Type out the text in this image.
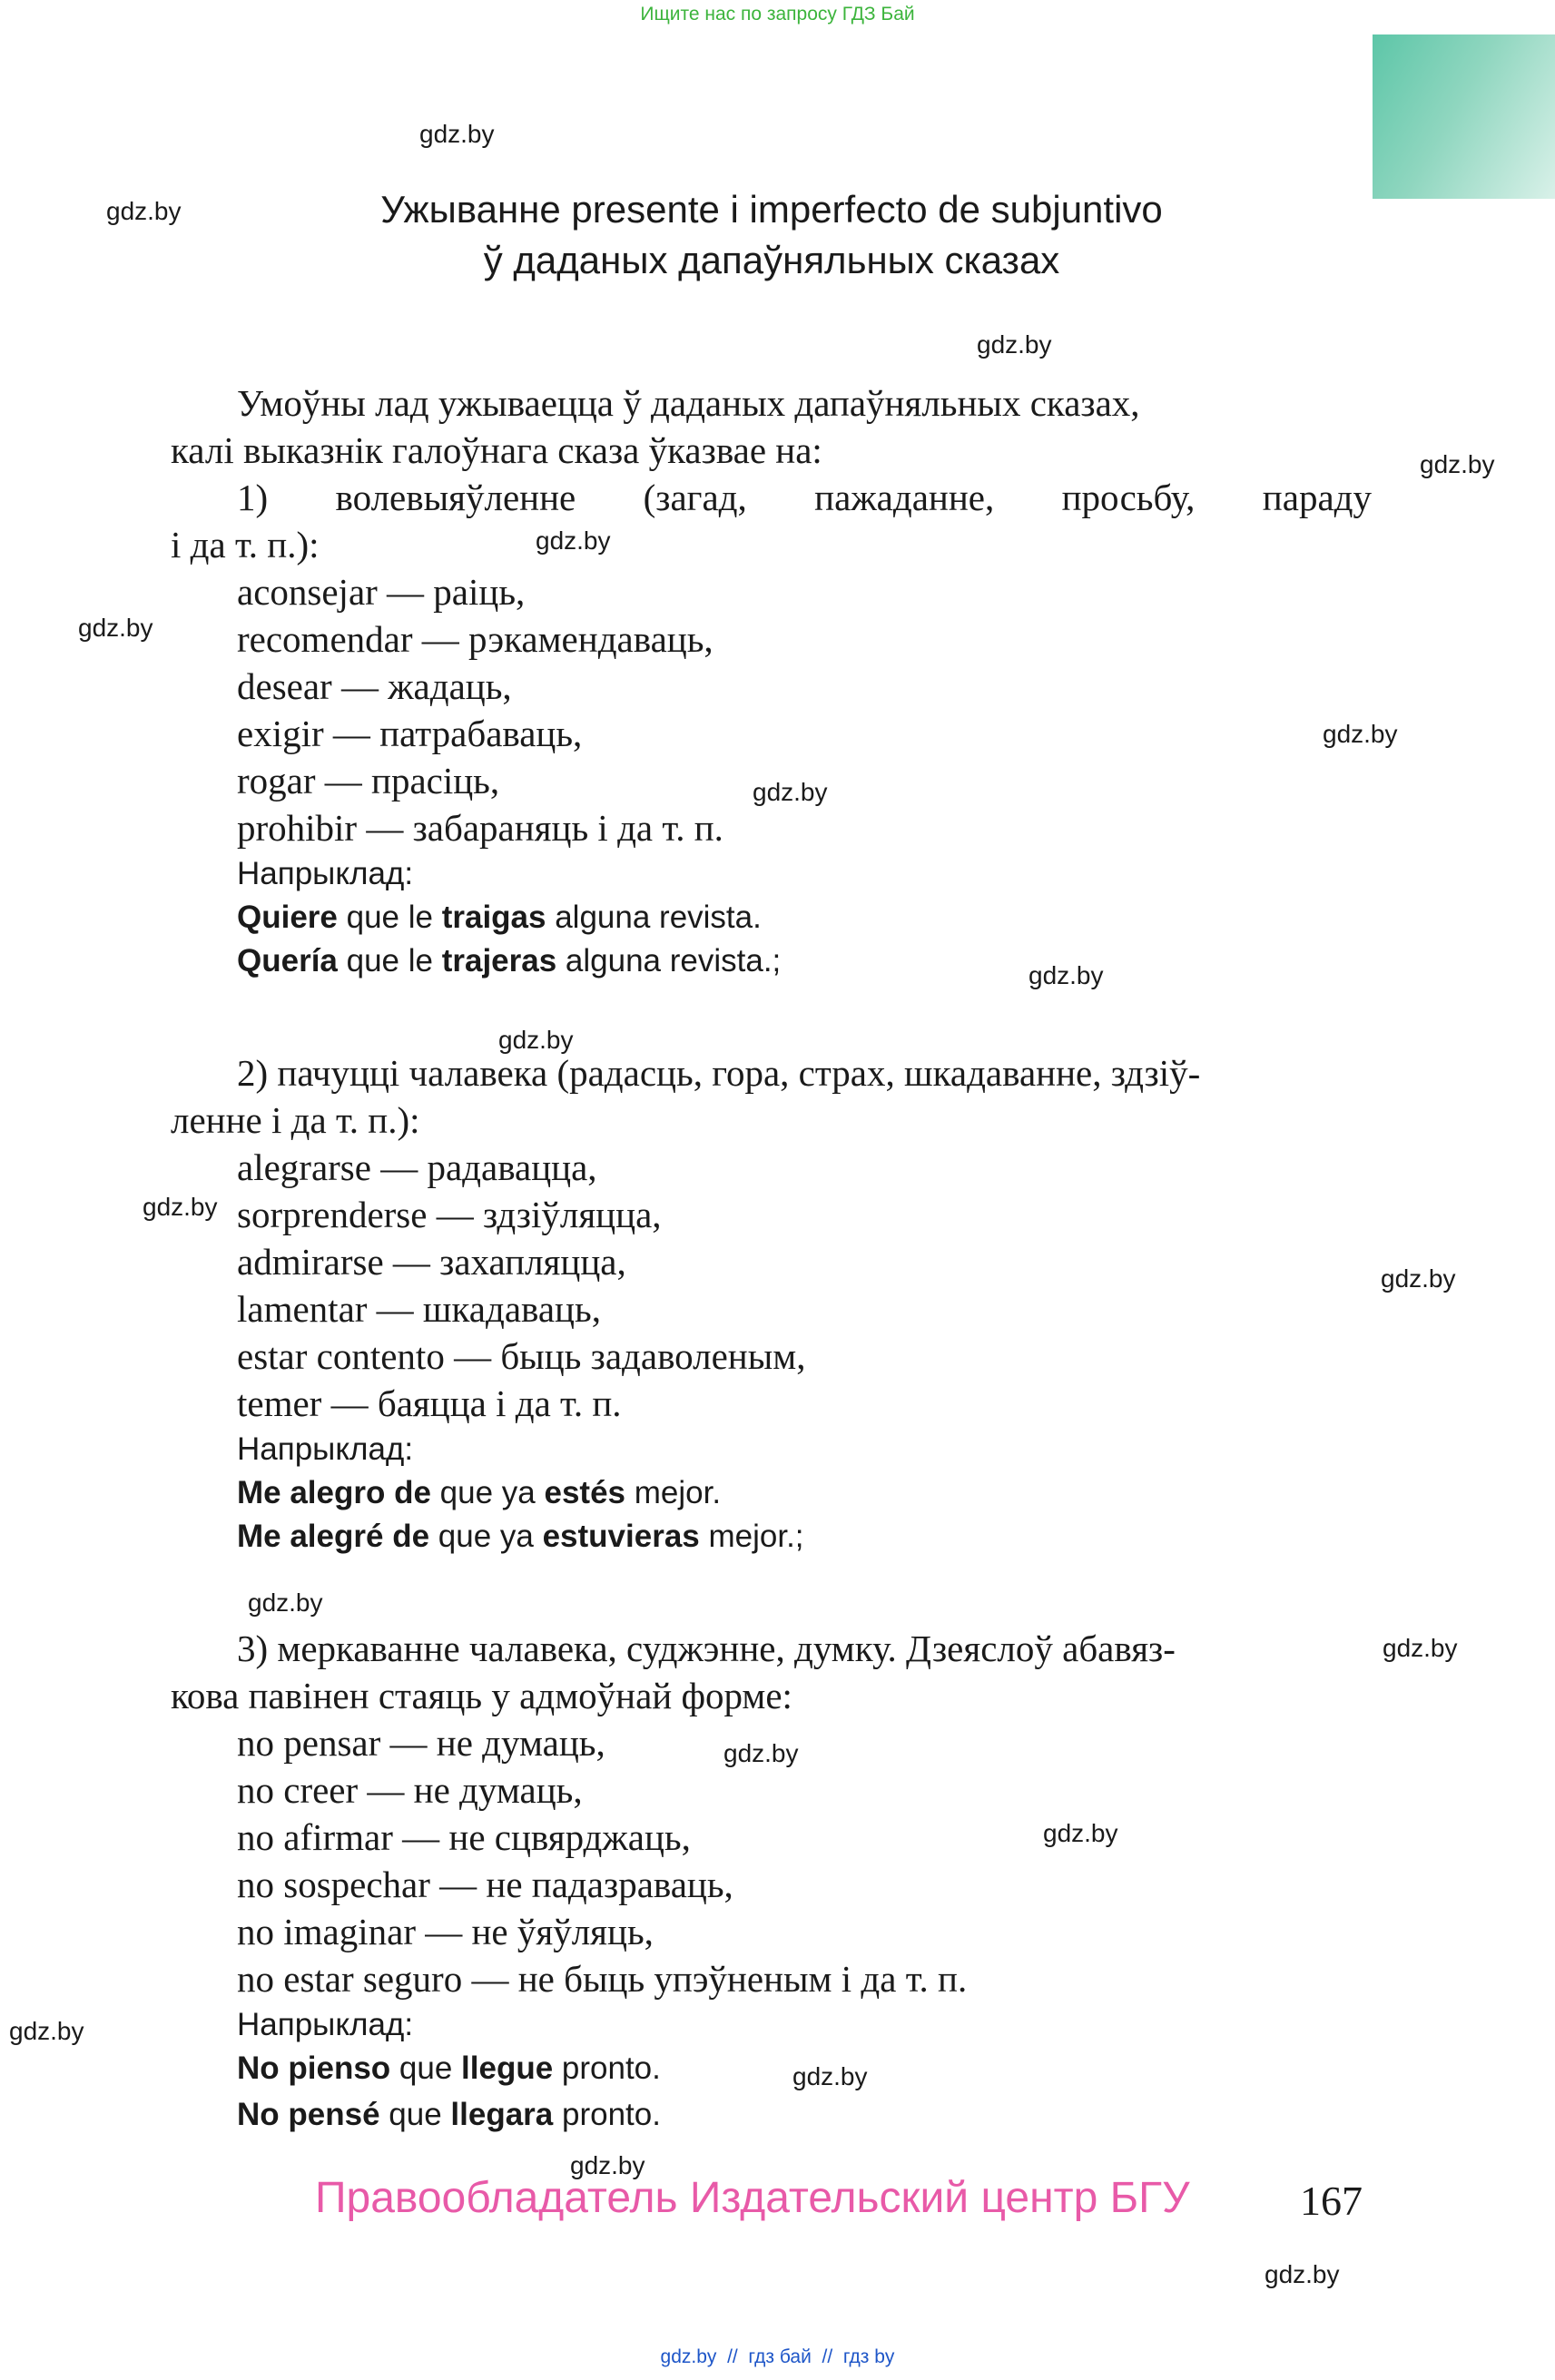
Ищите нас по запросу ГДЗ Бай
Ужыванне presente і imperfecto de subjuntivo
ў даданых дапаўняльных сказах
gdz.by
gdz.by
gdz.by
gdz.by
gdz.by
gdz.by
gdz.by
gdz.by
gdz.by
gdz.by
gdz.by
gdz.by
gdz.by
gdz.by
gdz.by
gdz.by
gdz.by
gdz.by
gdz.by
gdz.by
Умоўны лад ужываецца ў даданых дапаўняльных сказах,
калі выказнік галоўнага сказа ўказвае на:
1) волевыяўленне (загад, пажаданне, просьбу, параду
і да т. п.):
aconsejar — раіць,
recomendar — рэкамендаваць,
desear — жадаць,
exigir — патрабаваць,
rogar — прасіць,
prohibir — забараняць і да т. п.
Напрыклад:
Quiere que le traigas alguna revista.
Quería que le trajeras alguna revista.;
2) пачуцці чалавека (радасць, гора, страх, шкадаванне, здзіў-
ленне і да т. п.):
alegrarse — радавацца,
sorprenderse — здзіўляцца,
admirarse — захапляцца,
lamentar — шкадаваць,
estar contento — быць задаволеным,
temer — баяцца і да т. п.
Напрыклад:
Me alegro de que ya estés mejor.
Me alegré de que ya estuvieras mejor.;
3) меркаванне чалавека, суджэнне, думку. Дзеяслоў абавяз-
кова павінен стаяць у адмоўнай форме:
no pensar — не думаць,
no creer — не думаць,
no afirmar — не сцвярджаць,
no sospechar — не падазраваць,
no imaginar — не ўяўляць,
no estar seguro — не быць упэўненым і да т. п.
Напрыклад:
No pienso que llegue pronto.
No pensé que llegara pronto.
Правообладатель Издательский центр БГУ	167
gdz.by  //  гдз бай  //  гдз by
